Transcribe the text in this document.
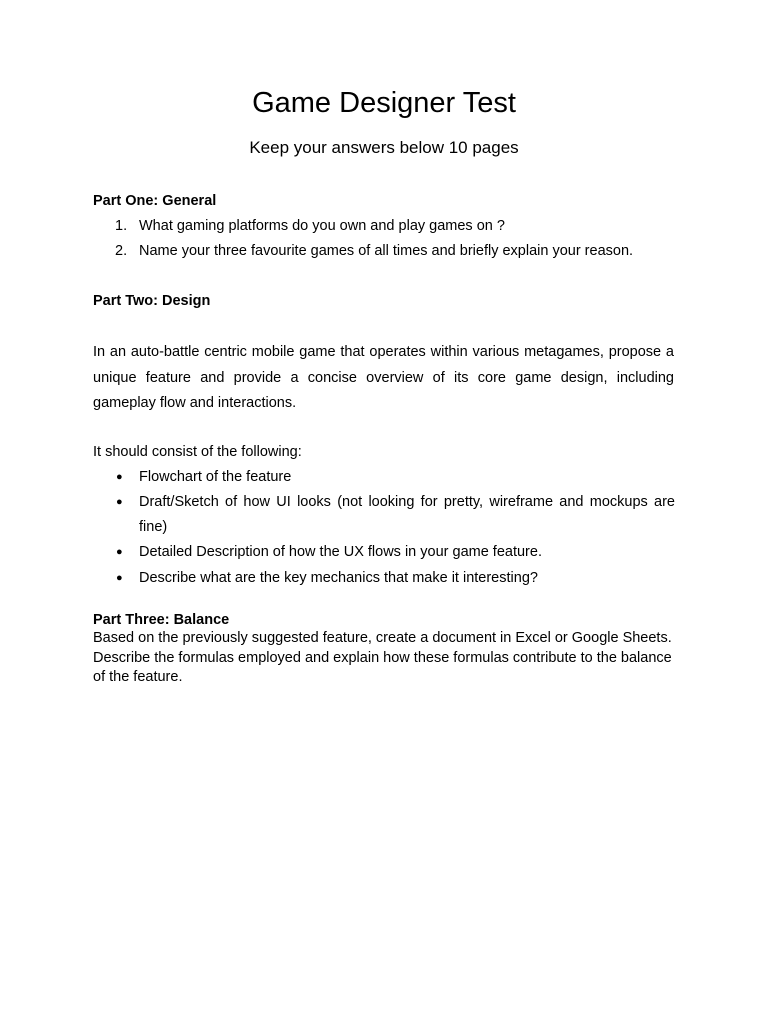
Game Designer Test

Keep your answers below 10 pages

Part One: General
1. What gaming platforms do you own and play games on ?
2. Name your three favourite games of all times and briefly explain your reason.
Part Two: Design

In an auto-battle centric mobile game that operates within various metagames, propose a unique feature and provide a concise overview of its core game design, including gameplay flow and interactions.

It should consist of the following:

● Flowchart of the feature
● Draft/Sketch of how UI looks (not looking for pretty, wireframe and mockups are fine)
● Detailed Description of how the UX flows in your game feature.
● Describe what are the key mechanics that make it interesting?
Part Three: Balance

Based on the previously suggested feature, create a document in Excel or Google Sheets. Describe the formulas employed and explain how these formulas contribute to the balance of the feature.
